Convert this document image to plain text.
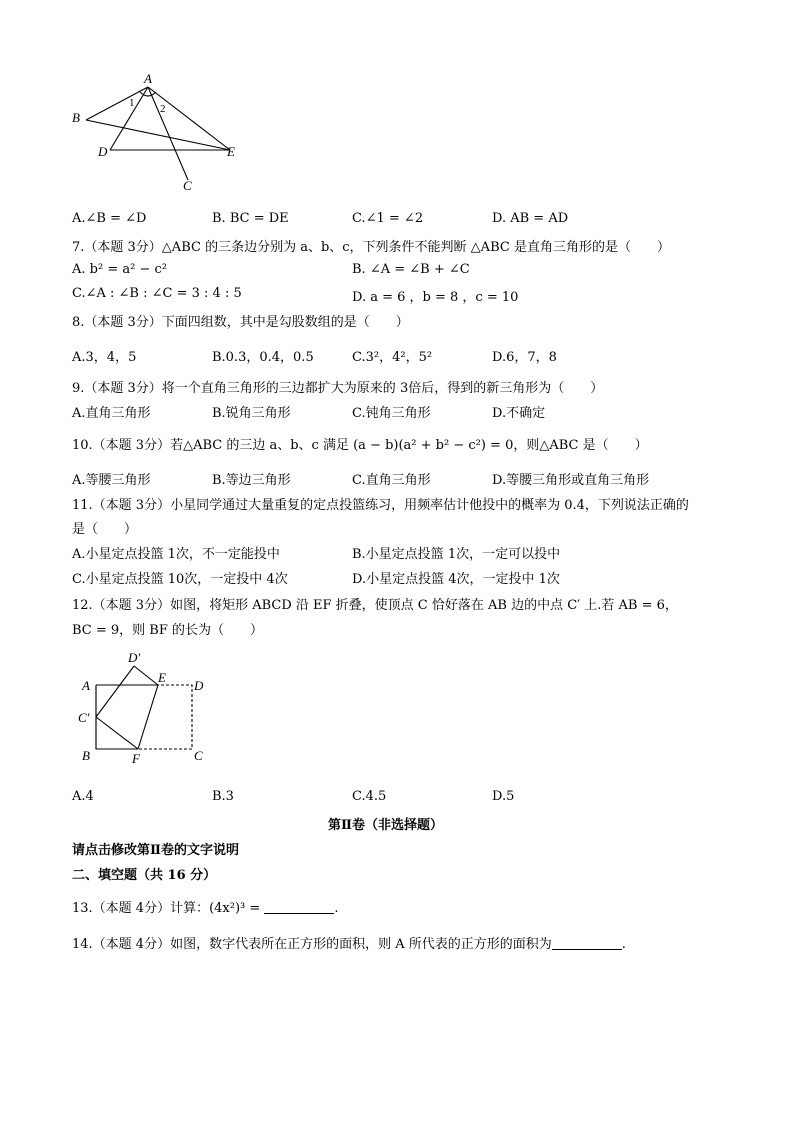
A
B
D	E
C
1 2
A.∠B = ∠D	B. BC = DE	C.∠1 = ∠2	D. AB = AD
7.（本题 3分）△ABC 的三条边分别为 a、b、c，下列条件不能判断 △ABC 是直角三角形的是（　　）
A. b² = a² − c²	B. ∠A = ∠B + ∠C
C.∠A : ∠B : ∠C = 3 : 4 : 5	D. a = 6 ，b = 8 ，c = 10
8.（本题 3分）下面四组数，其中是勾股数组的是（　　）
A.3，4，5	B.0.3，0.4，0.5	C.3²，4²，5²	D.6，7，8
9.（本题 3分）将一个直角三角形的三边都扩大为原来的 3倍后，得到的新三角形为（　　）
A.直角三角形	B.锐角三角形	C.钝角三角形	D.不确定
10.（本题 3分）若△ABC 的三边 a、b、c 满足 (a − b)(a² + b² − c²) = 0，则△ABC 是（　　）
A.等腰三角形	B.等边三角形	C.直角三角形	D.等腰三角形或直角三角形
11.（本题 3分）小星同学通过大量重复的定点投篮练习，用频率估计他投中的概率为 0.4，下列说法正确的
是（　　）
A.小星定点投篮 1次，不一定能投中	B.小星定点投篮 1次，一定可以投中
C.小星定点投篮 10次，一定投中 4次	D.小星定点投篮 4次，一定投中 1次
12.（本题 3分）如图，将矩形 ABCD 沿 EF 折叠，使顶点 C 恰好落在 AB 边的中点 C′ 上.若 AB = 6，
BC = 9，则 BF 的长为（　　）
D′
A
E
D
C′
B	F	C
A.4	B.3	C.4.5	D.5
第Ⅱ卷（非选择题）
请点击修改第Ⅱ卷的文字说明
二、填空题（共 16 分）
13.（本题 4分）计算：(4x²)³ =	.
14.（本题 4分）如图，数字代表所在正方形的面积，则 A 所代表的正方形的面积为	.
